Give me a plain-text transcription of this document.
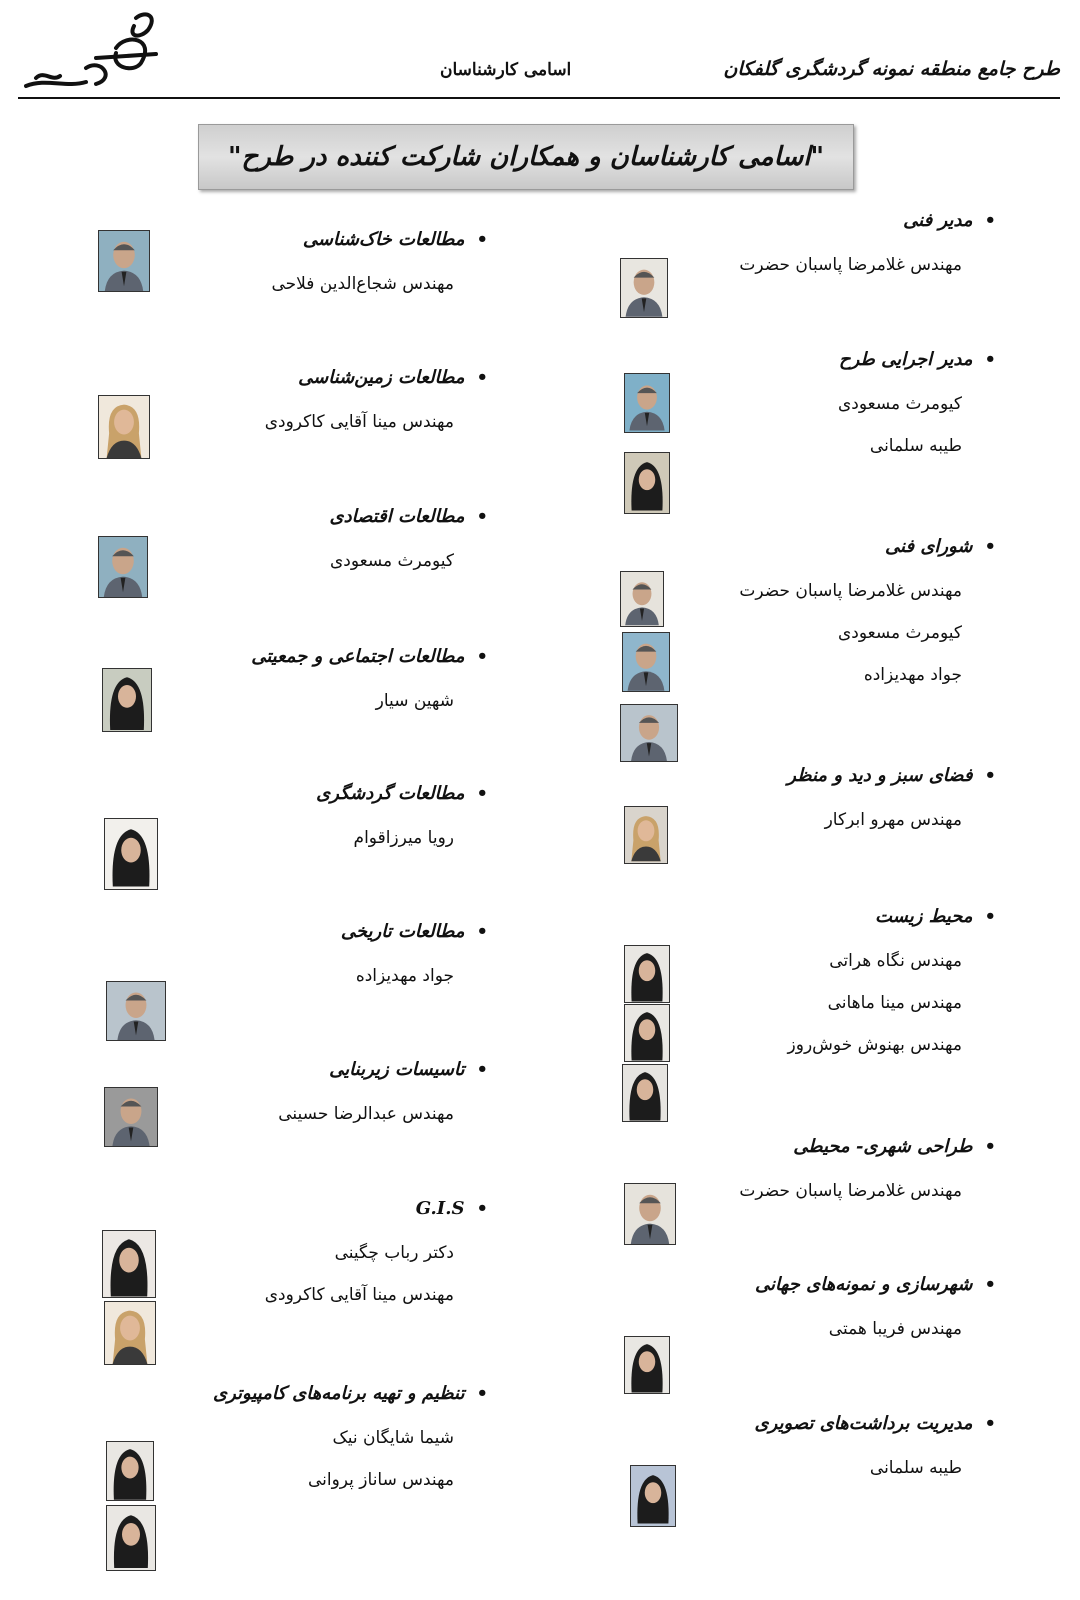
اسامی کارشناسان	طرح جامع منطقه نمونه گردشگری گلفکان
"اسامی کارشناسان و همکاران شارکت کننده در طرح"
• مدیر فنی
مهندس غلامرضا پاسبان حضرت
• مدیر اجرایی طرح
کیومرث مسعودی
طیبه سلمانی
• شورای فنی
مهندس غلامرضا پاسبان حضرت
کیومرث مسعودی
جواد مهدیزاده
• فضای سبز و دید و منظر
مهندس مهرو ابرکار
• محیط زیست
مهندس نگاه هراتی
مهندس مینا ماهانی
مهندس بهنوش خوش‌روز
• طراحی شهری- محیطی
مهندس غلامرضا پاسبان حضرت
• شهرسازی و نمونه‌های جهانی
مهندس فریبا همتی
• مدیریت برداشت‌های تصویری
طیبه سلمانی
• مطالعات خاک‌شناسی
مهندس شجاع‌الدین فلاحی
• مطالعات زمین‌شناسی
مهندس مینا آقایی کاکرودی
• مطالعات اقتصادی
کیومرث مسعودی
• مطالعات اجتماعی و جمعیتی
شهین سیار
• مطالعات گردشگری
رویا میرزاقوام
• مطالعات تاریخی
جواد مهدیزاده
• تاسیسات زیربنایی
مهندس عبدالرضا حسینی
• G.I.S
دکتر رباب چگینی
مهندس مینا آقایی کاکرودی
• تنظیم و تهیه برنامه‌های کامپیوتری
شیما شایگان نیک
مهندس ساناز پروانی
